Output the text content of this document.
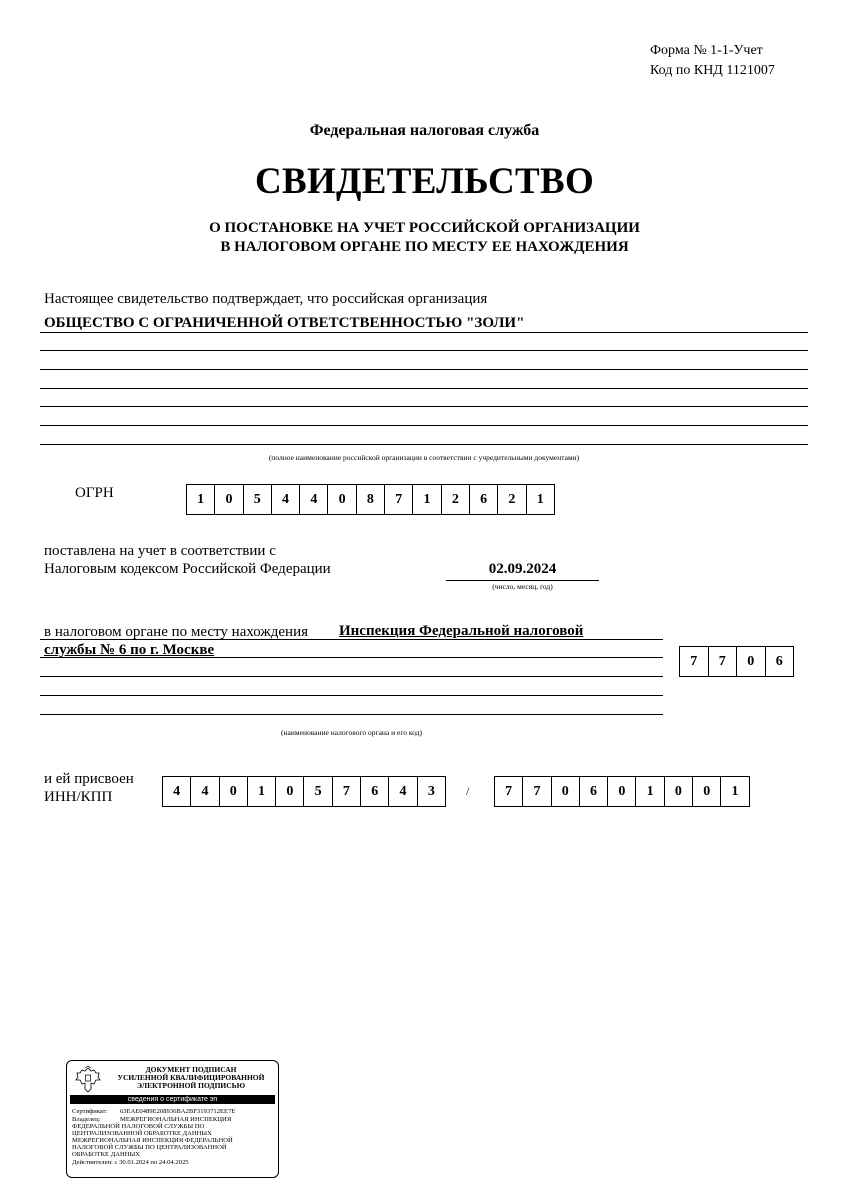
Форма № 1-1-Учет
Код по КНД 1121007
Федеральная налоговая служба
СВИДЕТЕЛЬСТВО
О ПОСТАНОВКЕ НА УЧЕТ РОССИЙСКОЙ ОРГАНИЗАЦИИ
В НАЛОГОВОМ ОРГАНЕ ПО МЕСТУ ЕЕ НАХОЖДЕНИЯ
Настоящее свидетельство подтверждает, что российская организация
ОБЩЕСТВО С ОГРАНИЧЕННОЙ ОТВЕТСТВЕННОСТЬЮ "ЗОЛИ"
(полное наименование российской организации в соответствии с учредительными документами)
ОГРН	1	0	5	4	4	0	8	7	1	2	6	2	1
поставлена на учет в соответствии с
Налоговым кодексом Российской Федерации	02.09.2024
(число, месяц, год)
в налоговом органе по месту нахождения Инспекция Федеральной налоговой
службы № 6 по г. Москве
7	7	0	6
(наименование налогового органа и его код)
и ей присвоен
ИНН/КПП	4	4	0	1	0	5	7	6	4	3	/	7	7	0	6	0	1	0	0	1
ДОКУМЕНТ ПОДПИСАН
УСИЛЕННОЙ КВАЛИФИЦИРОВАННОЙ
ЭЛЕКТРОННОЙ ПОДПИСЬЮ
сведения о сертификате эп
Сертификат: 63EAE0489E208936BA2BF3193712EE7E
Владелец:	МЕЖРЕГИОНАЛЬНАЯ ИНСПЕКЦИЯ
ФЕДЕРАЛЬНОЙ НАЛОГОВОЙ СЛУЖБЫ ПО
ЦЕНТРАЛИЗОВАННОЙ ОБРАБОТКЕ ДАННЫХ
МЕЖРЕГИОНАЛЬНАЯ ИНСПЕКЦИЯ ФЕДЕРАЛЬНОЙ
НАЛОГОВОЙ СЛУЖБЫ ПО ЦЕНТРАЛИЗОВАННОЙ
ОБРАБОТКЕ ДАННЫХ
Действителен: с 30.01.2024 по 24.04.2025
